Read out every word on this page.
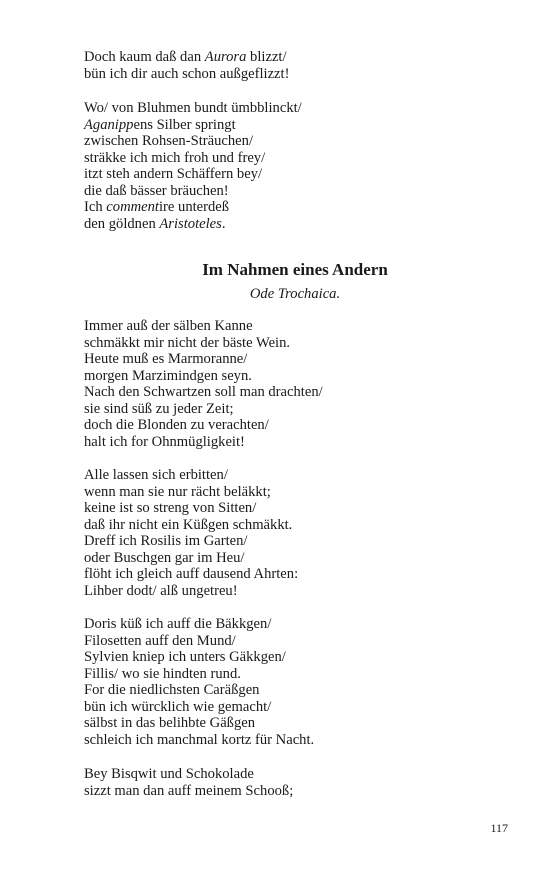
Doch kaum daß dan Aurora blizzt/
bün ich dir auch schon außgeflizzt!
Wo/ von Bluhmen bundt ümbblinckt/
Aganippens Silber springt
zwischen Rohsen-Sträuchen/
sträkke ich mich froh und frey/
itzt steh andern Schäffern bey/
die daß bässer bräuchen!
Ich commentire unterdeß
den göldnen Aristoteles.
Im Nahmen eines Andern
Ode Trochaica.
Immer auß der sälben Kanne
schmäkkt mir nicht der bäste Wein.
Heute muß es Marmoranne/
morgen Marzimindgen seyn.
Nach den Schwartzen soll man drachten/
sie sind süß zu jeder Zeit;
doch die Blonden zu verachten/
halt ich for Ohnmügligkeit!
Alle lassen sich erbitten/
wenn man sie nur rächt beläkkt;
keine ist so streng von Sitten/
daß ihr nicht ein Küßgen schmäkkt.
Dreff ich Rosilis im Garten/
oder Buschgen gar im Heu/
flöht ich gleich auff dausend Ahrten:
Lihber dodt/ alß ungetreu!
Doris küß ich auff die Bäkkgen/
Filosetten auff den Mund/
Sylvien kniep ich unters Gäkkgen/
Fillis/ wo sie hindten rund.
For die niedlichsten Caräßgen
bün ich würcklich wie gemacht/
sälbst in das belihbte Gäßgen
schleich ich manchmal kortz für Nacht.
Bey Bisqwit und Schokolade
sizzt man dan auff meinem Schooß;
117
